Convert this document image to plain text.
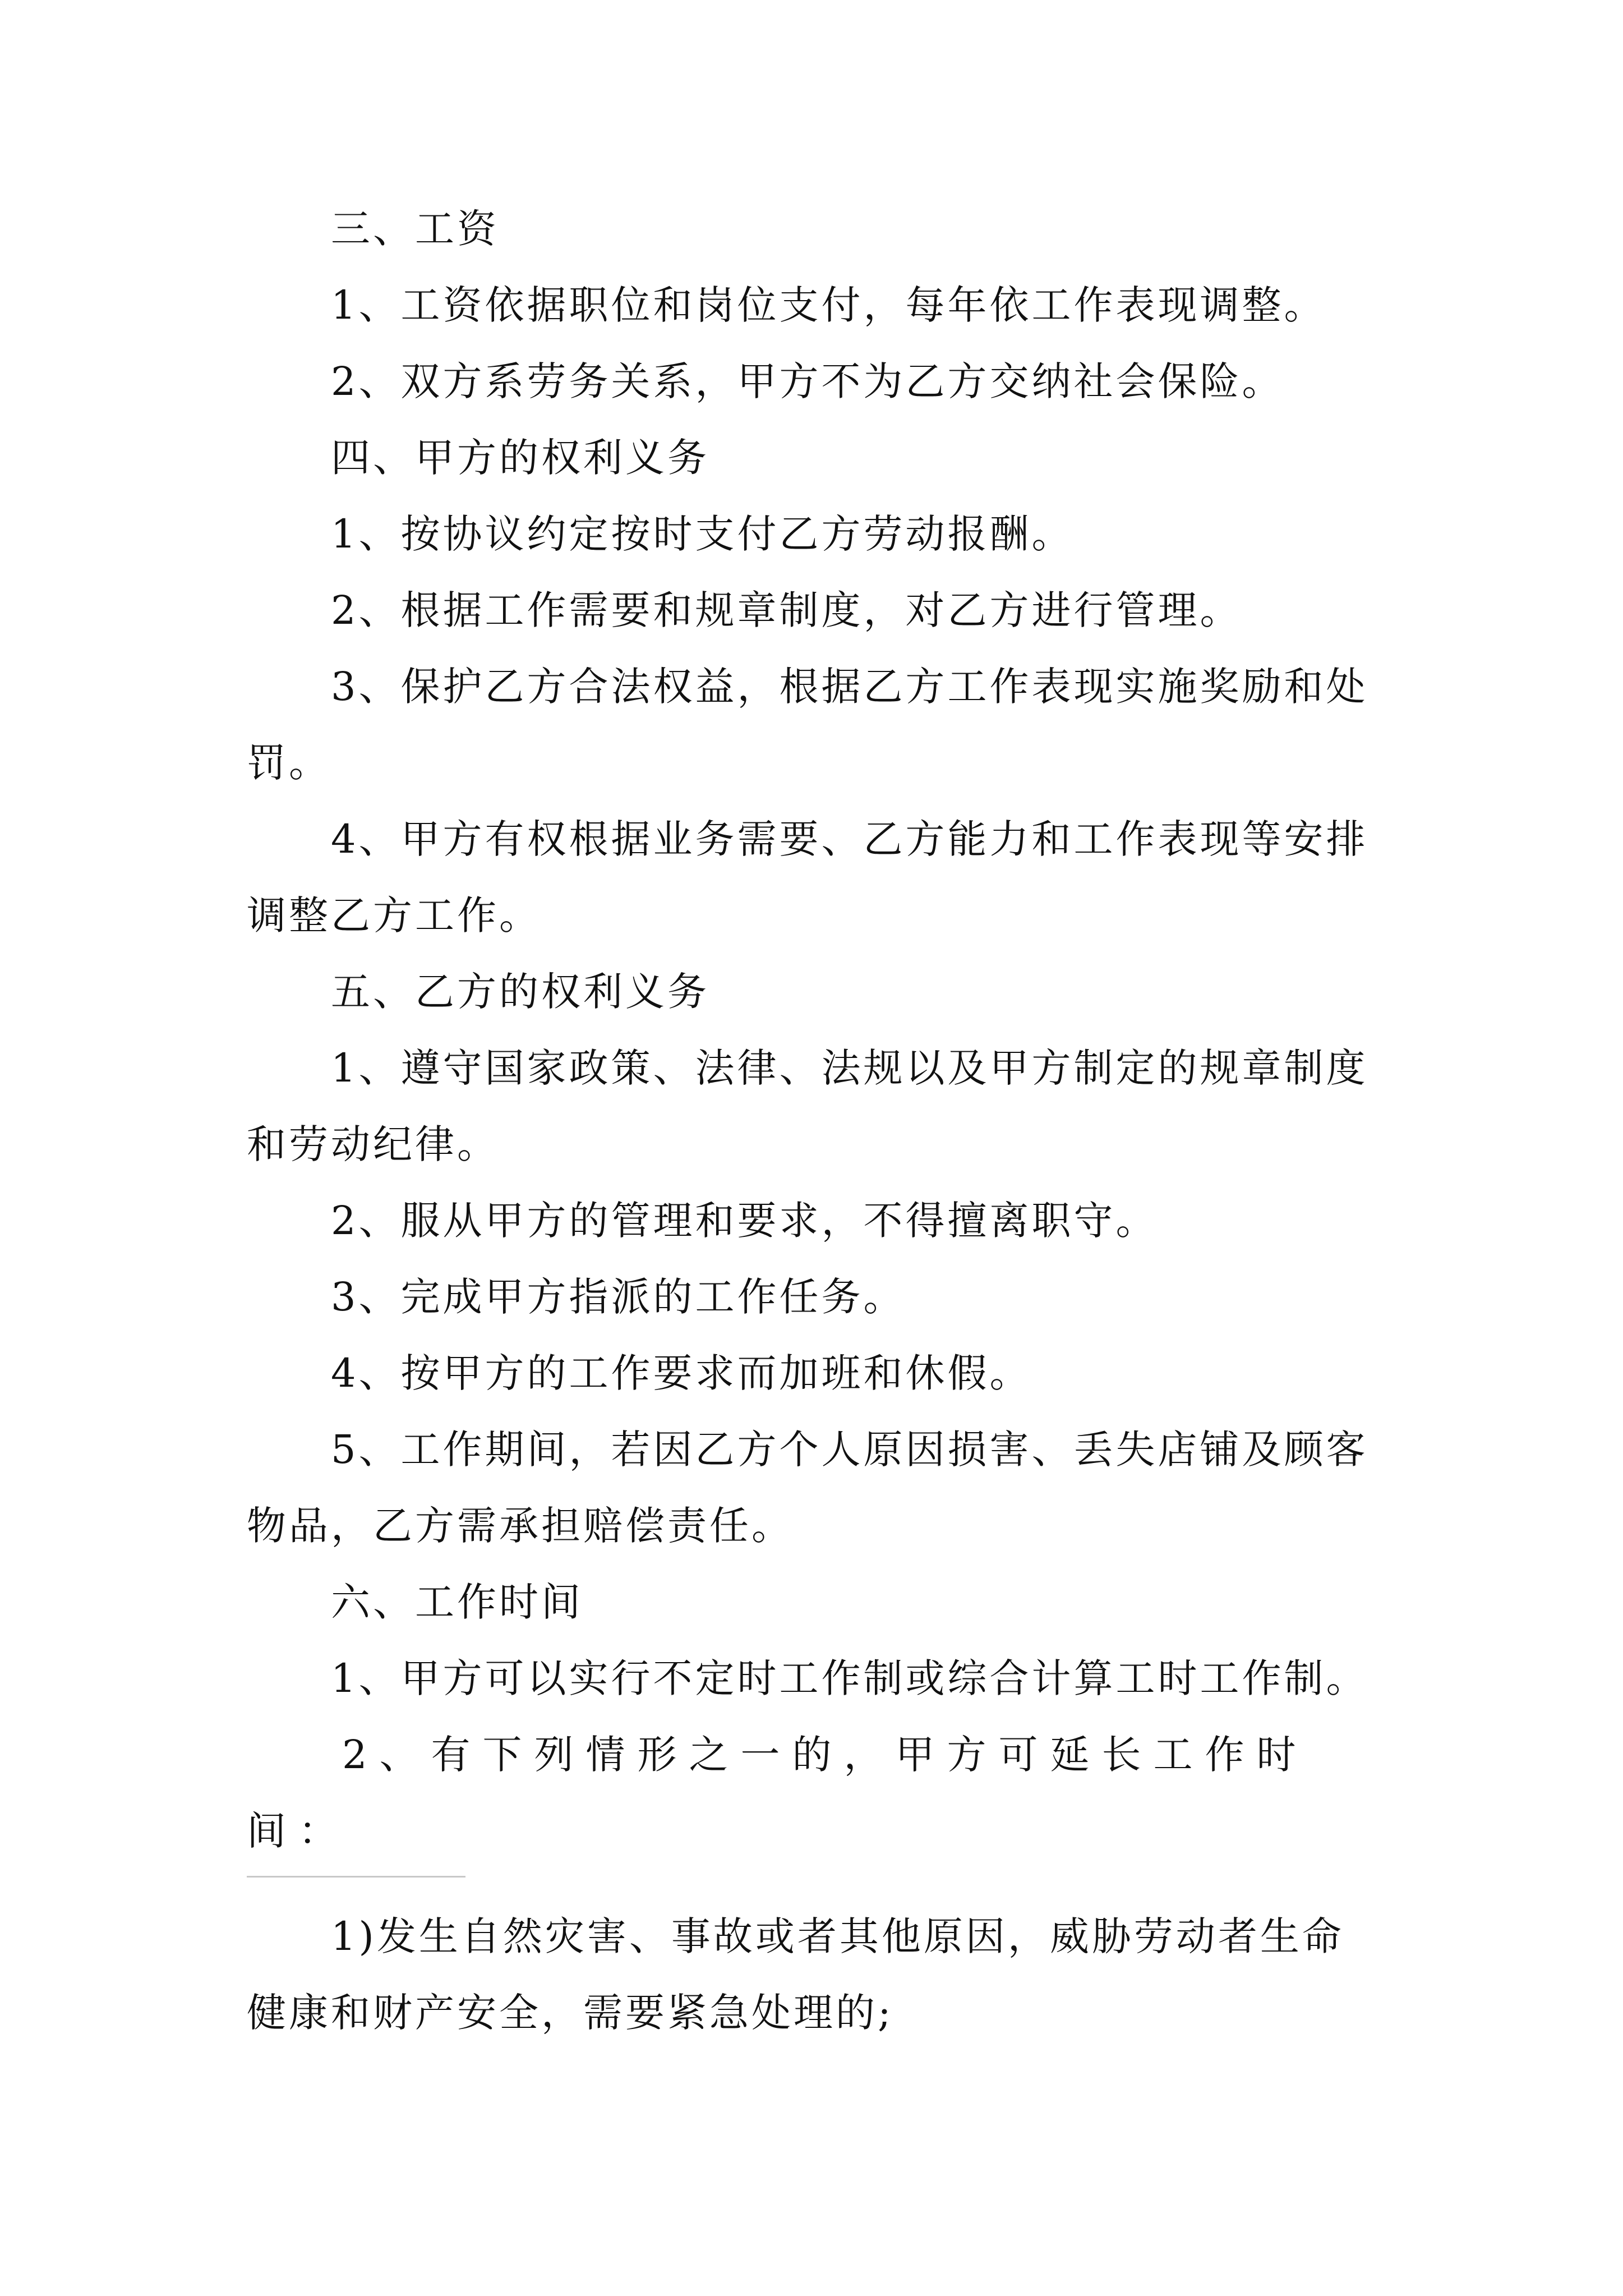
三、工资

1、工资依据职位和岗位支付，每年依工作表现调整。

2、双方系劳务关系，甲方不为乙方交纳社会保险。

四、甲方的权利义务

1、按协议约定按时支付乙方劳动报酬。

2、根据工作需要和规章制度，对乙方进行管理。

3、保护乙方合法权益，根据乙方工作表现实施奖励和处罚。

4、甲方有权根据业务需要、乙方能力和工作表现等安排调整乙方工作。

五、乙方的权利义务

1、遵守国家政策、法律、法规以及甲方制定的规章制度和劳动纪律。

2、服从甲方的管理和要求，不得擅离职守。

3、完成甲方指派的工作任务。

4、按甲方的工作要求而加班和休假。

5、工作期间，若因乙方个人原因损害、丢失店铺及顾客物品，乙方需承担赔偿责任。

六、工作时间

1、甲方可以实行不定时工作制或综合计算工时工作制。

2、有下列情形之一的，甲方可延长工作时间：

1)发生自然灾害、事故或者其他原因，威胁劳动者生命健康和财产安全，需要紧急处理的;
